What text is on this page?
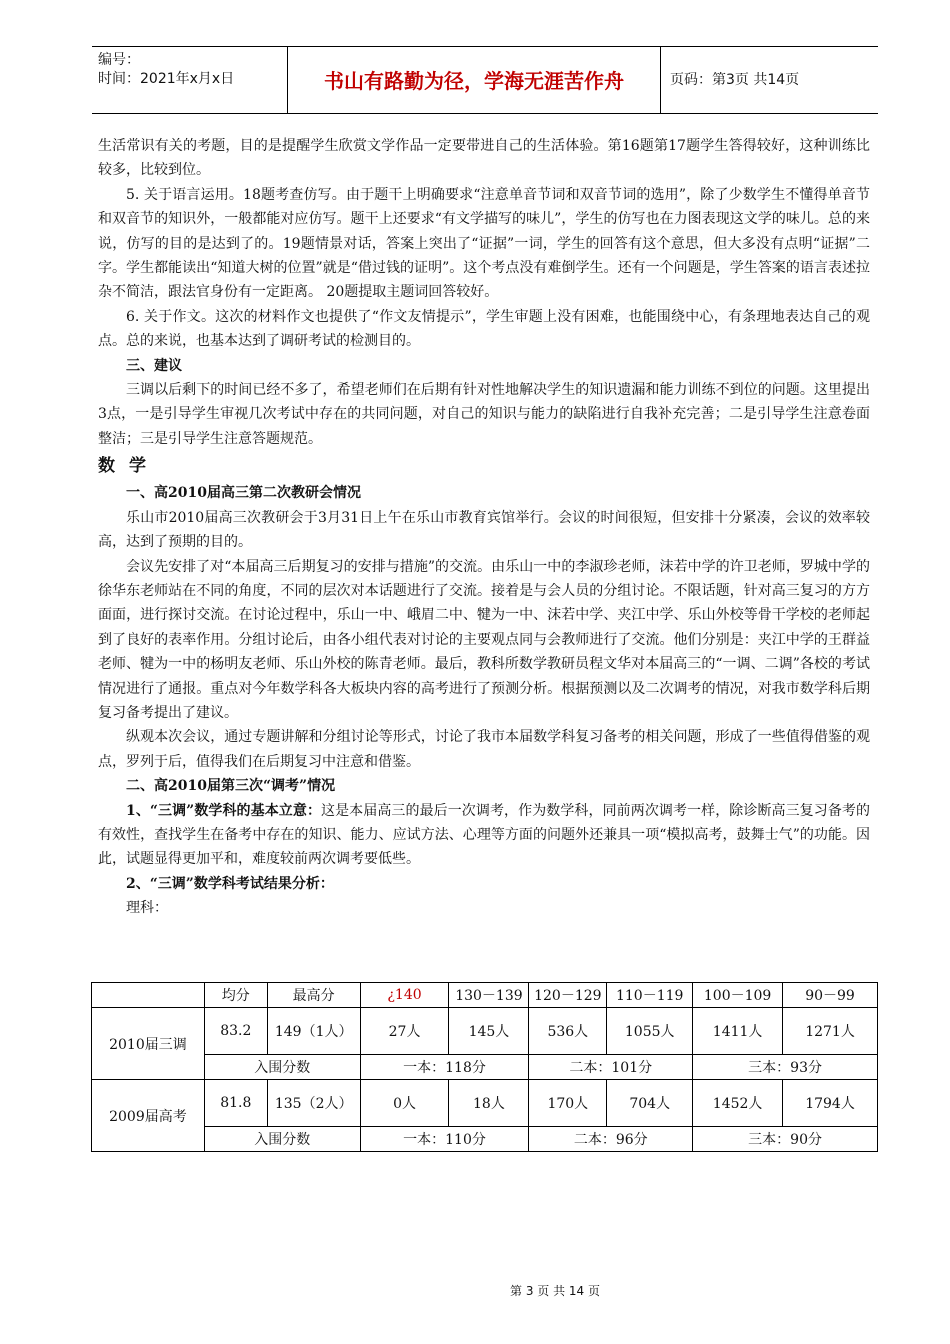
编号：
时间：2021年x月x日	书山有路勤为径，学海无涯苦作舟	页码：第3页 共14页

生活常识有关的考题，目的是提醒学生欣赏文学作品一定要带进自己的生活体验。第16题第17题学生答得较好，这种训练比较多，比较到位。

5. 关于语言运用。18题考查仿写。由于题干上明确要求“注意单音节词和双音节词的选用”，除了少数学生不懂得单音节和双音节的知识外，一般都能对应仿写。题干上还要求“有文学描写的味儿”，学生的仿写也在力图表现这文学的味儿。总的来说，仿写的目的是达到了的。19题情景对话，答案上突出了“证据”一词，学生的回答有这个意思，但大多没有点明“证据”二字。学生都能读出“知道大树的位置”就是“借过钱的证明”。这个考点没有难倒学生。还有一个问题是，学生答案的语言表述拉杂不简洁，跟法官身份有一定距离。 20题提取主题词回答较好。

6. 关于作文。这次的材料作文也提供了“作文友情提示”，学生审题上没有困难，也能围绕中心，有条理地表达自己的观点。总的来说，也基本达到了调研考试的检测目的。

三、建议

三调以后剩下的时间已经不多了，希望老师们在后期有针对性地解决学生的知识遗漏和能力训练不到位的问题。这里提出3点，一是引导学生审视几次考试中存在的共同问题，对自己的知识与能力的缺陷进行自我补充完善；二是引导学生注意卷面整洁；三是引导学生注意答题规范。

数学

一、高2010届高三第二次教研会情况

乐山市2010届高三次教研会于3月31日上午在乐山市教育宾馆举行。会议的时间很短，但安排十分紧凑，会议的效率较高，达到了预期的目的。

会议先安排了对“本届高三后期复习的安排与措施”的交流。由乐山一中的李淑珍老师，沫若中学的许卫老师，罗城中学的徐华东老师站在不同的角度，不同的层次对本话题进行了交流。接着是与会人员的分组讨论。不限话题，针对高三复习的方方面面，进行探讨交流。在讨论过程中，乐山一中、峨眉二中、犍为一中、沫若中学、夹江中学、乐山外校等骨干学校的老师起到了良好的表率作用。分组讨论后，由各小组代表对讨论的主要观点同与会教师进行了交流。他们分别是：夹江中学的王群益老师、犍为一中的杨明友老师、乐山外校的陈青老师。最后，教科所数学教研员程文华对本届高三的“一调、二调”各校的考试情况进行了通报。重点对今年数学科各大板块内容的高考进行了预测分析。根据预测以及二次调考的情况，对我市数学科后期复习备考提出了建议。

纵观本次会议，通过专题讲解和分组讨论等形式，讨论了我市本届数学科复习备考的相关问题，形成了一些值得借鉴的观点，罗列于后，值得我们在后期复习中注意和借鉴。

二、高2010届第三次“调考”情况

1、“三调”数学科的基本立意：这是本届高三的最后一次调考，作为数学科，同前两次调考一样，除诊断高三复习备考的有效性，查找学生在备考中存在的知识、能力、应试方法、心理等方面的问题外还兼具一项“模拟高考，鼓舞士气”的功能。因此，试题显得更加平和，难度较前两次调考要低些。

2、“三调”数学科考试结果分析：

理科：

	均分	最高分	¿140	130－139	120－129	110－119	100－109	90－99
2010届三调	83.2	149（1人）	27人	145人	536人	1055人	1411人	1271人
	入围分数		一本：118分		二本：101分		三本：93分	
2009届高考	81.8	135（2人）	0人	18人	170人	704人	1452人	1794人
	入围分数		一本：110分		二本：96分		三本：90分	
第 3 页 共 14 页
